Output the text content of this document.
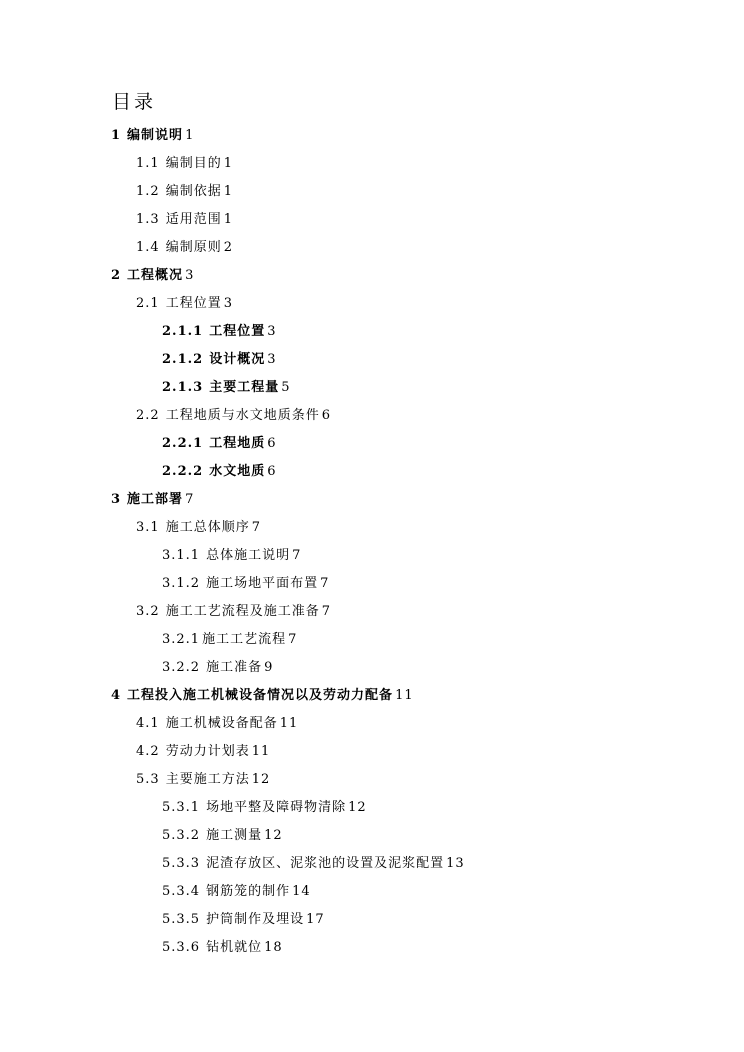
目录
1 编制说明 1
1.1 编制目的 1
1.2 编制依据 1
1.3 适用范围 1
1.4 编制原则 2
2 工程概况 3
2.1 工程位置 3
2.1.1 工程位置 3
2.1.2 设计概况 3
2.1.3 主要工程量 5
2.2 工程地质与水文地质条件 6
2.2.1 工程地质 6
2.2.2 水文地质 6
3 施工部署 7
3.1 施工总体顺序 7
3.1.1 总体施工说明 7
3.1.2 施工场地平面布置 7
3.2 施工工艺流程及施工准备 7
3.2.1 施工工艺流程 7
3.2.2 施工准备 9
4 工程投入施工机械设备情况以及劳动力配备 11
4.1 施工机械设备配备 11
4.2 劳动力计划表 11
5.3 主要施工方法 12
5.3.1 场地平整及障碍物清除 12
5.3.2 施工测量 12
5.3.3 泥渣存放区、泥浆池的设置及泥浆配置 13
5.3.4 钢筋笼的制作 14
5.3.5 护筒制作及埋设 17
5.3.6 钻机就位 18
